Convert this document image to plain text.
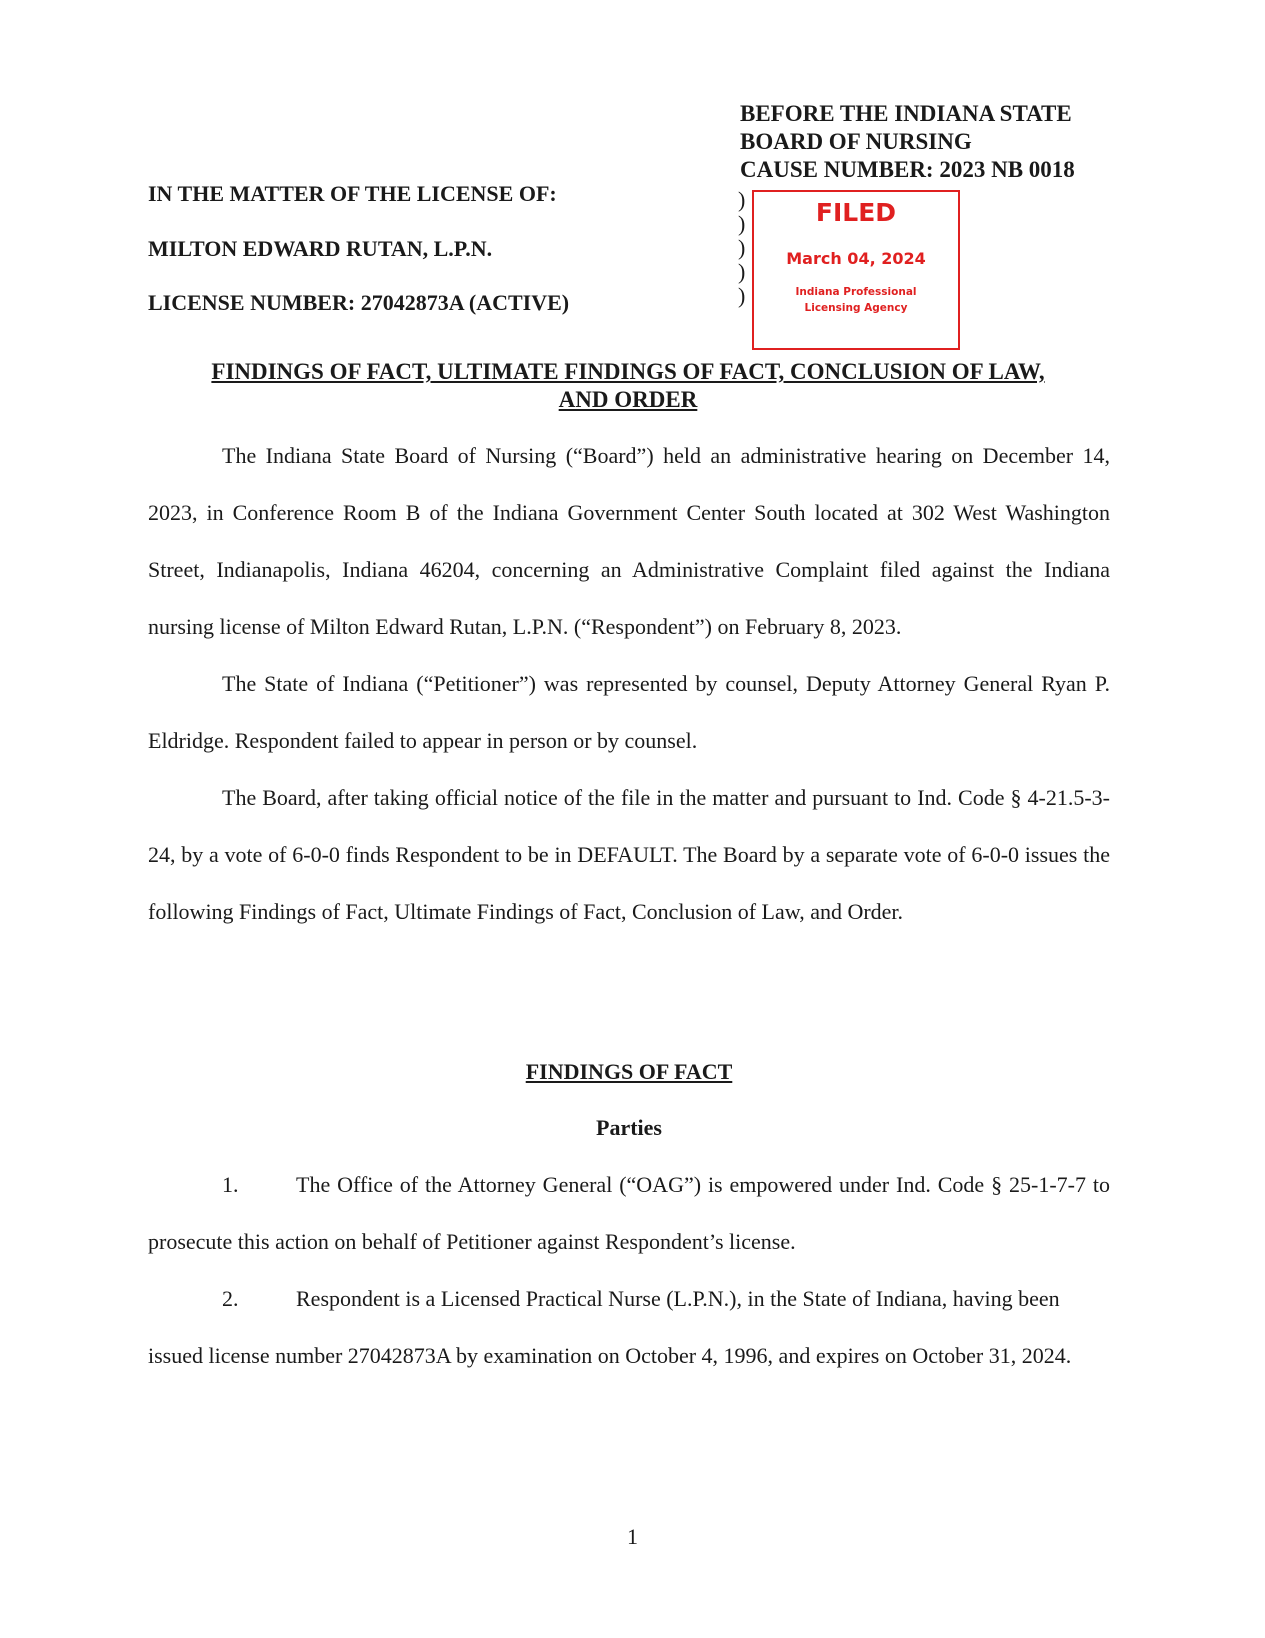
BEFORE THE INDIANA STATE
BOARD OF NURSING
CAUSE NUMBER: 2023 NB 0018
IN THE MATTER OF THE LICENSE OF:
MILTON EDWARD RUTAN, L.P.N.
LICENSE NUMBER: 27042873A (ACTIVE)
)
)
)
)
)
FILED
March 04, 2024
Indiana Professional
Licensing Agency
FINDINGS OF FACT, ULTIMATE FINDINGS OF FACT, CONCLUSION OF LAW,
AND ORDER

The Indiana State Board of Nursing (“Board”) held an administrative hearing on December 14, 2023, in Conference Room B of the Indiana Government Center South located at 302 West Washington Street, Indianapolis, Indiana 46204, concerning an Administrative Complaint filed against the Indiana nursing license of Milton Edward Rutan, L.P.N. (“Respondent”) on February 8, 2023.

The State of Indiana (“Petitioner”) was represented by counsel, Deputy Attorney General Ryan P. Eldridge. Respondent failed to appear in person or by counsel.

The Board, after taking official notice of the file in the matter and pursuant to Ind. Code § 4-21.5-3-24, by a vote of 6-0-0 finds Respondent to be in DEFAULT. The Board by a separate vote of 6-0-0 issues the following Findings of Fact, Ultimate Findings of Fact, Conclusion of Law, and Order.

FINDINGS OF FACT
Parties

1.	The Office of the Attorney General (“OAG”) is empowered under Ind. Code § 25-1-7-7 to prosecute this action on behalf of Petitioner against Respondent’s license.

2.	Respondent is a Licensed Practical Nurse (L.P.N.), in the State of Indiana, having been issued license number 27042873A by examination on October 4, 1996, and expires on October 31, 2024.

1
